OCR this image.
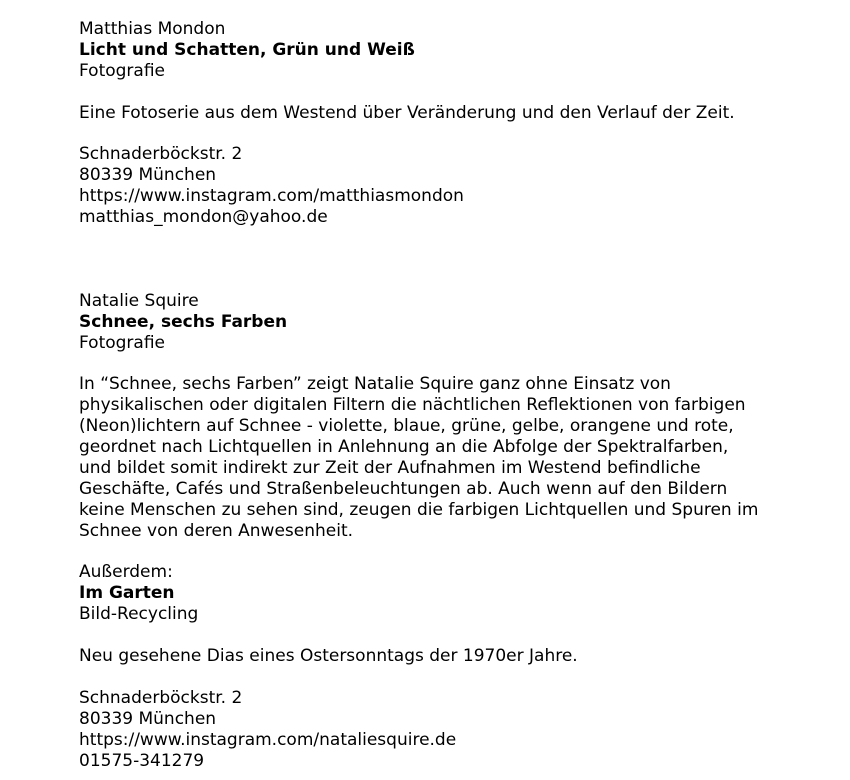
Matthias Mondon

Licht und Schatten, Grün und Weiß

Fotografie

Eine Fotoserie aus dem Westend über Veränderung und den Verlauf der Zeit.

Schnaderböckstr. 2

80339 München

https://www.instagram.com/matthiasmondon

matthias_mondon@yahoo.de

Natalie Squire

Schnee, sechs Farben

Fotografie

In “Schnee, sechs Farben” zeigt Natalie Squire ganz ohne Einsatz von
physikalischen oder digitalen Filtern die nächtlichen Reflektionen von farbigen
(Neon)lichtern auf Schnee - violette, blaue, grüne, gelbe, orangene und rote,
geordnet nach Lichtquellen in Anlehnung an die Abfolge der Spektralfarben,
und bildet somit indirekt zur Zeit der Aufnahmen im Westend befindliche
Geschäfte, Cafés und Straßenbeleuchtungen ab. Auch wenn auf den Bildern
keine Menschen zu sehen sind, zeugen die farbigen Lichtquellen und Spuren im
Schnee von deren Anwesenheit.

Außerdem:

Im Garten

Bild-Recycling

Neu gesehene Dias eines Ostersonntags der 1970er Jahre.

Schnaderböckstr. 2

80339 München

https://www.instagram.com/nataliesquire.de

01575-341279
